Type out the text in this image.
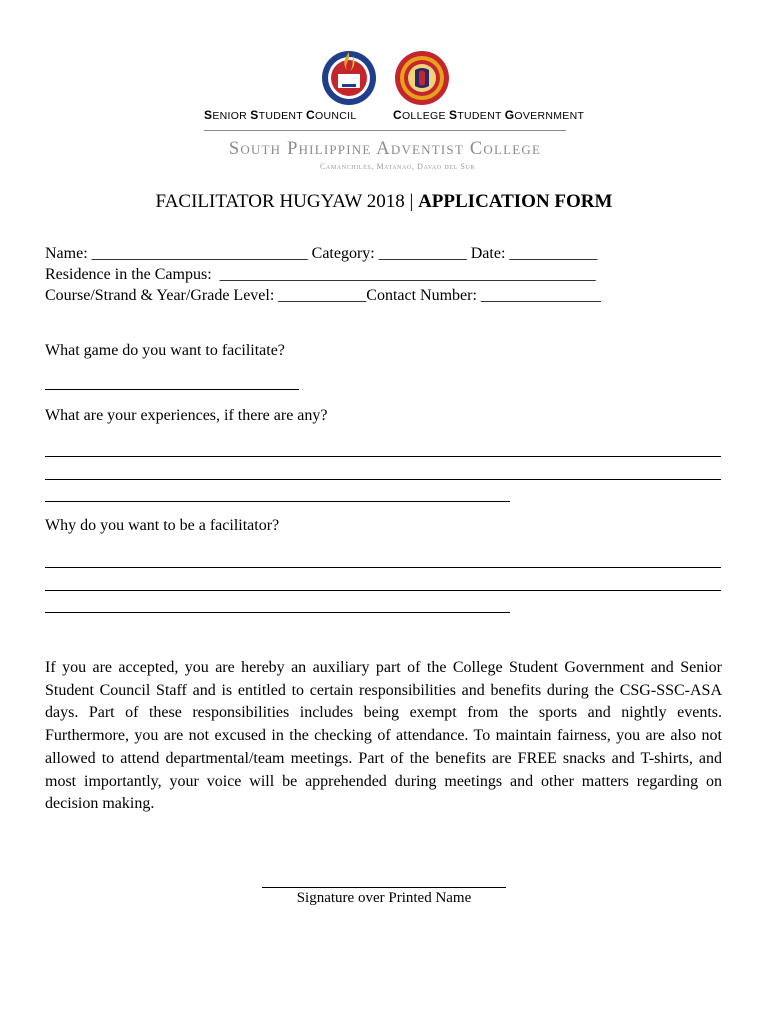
SENIOR STUDENT COUNCIL	COLLEGE STUDENT GOVERNMENT
South Philippine Adventist College
Camanchiles, Matanao, Davao del Sur
FACILITATOR HUGYAW 2018 | APPLICATION FORM
Name: ___________________________ Category: ___________ Date: ___________
Residence in the Campus:  _______________________________________________
Course/Strand & Year/Grade Level: ___________Contact Number: _______________
What game do you want to facilitate?
What are your experiences, if there are any?
Why do you want to be a facilitator?
If you are accepted, you are hereby an auxiliary part of the College Student Government and Senior Student Council Staff and is entitled to certain responsibilities and benefits during the CSG-SSC-ASA days. Part of these responsibilities includes being exempt from the sports and nightly events. Furthermore, you are not excused in the checking of attendance. To maintain fairness, you are also not allowed to attend departmental/team meetings. Part of the benefits are FREE snacks and T-shirts, and most importantly, your voice will be apprehended during meetings and other matters regarding on decision making.
Signature over Printed Name
